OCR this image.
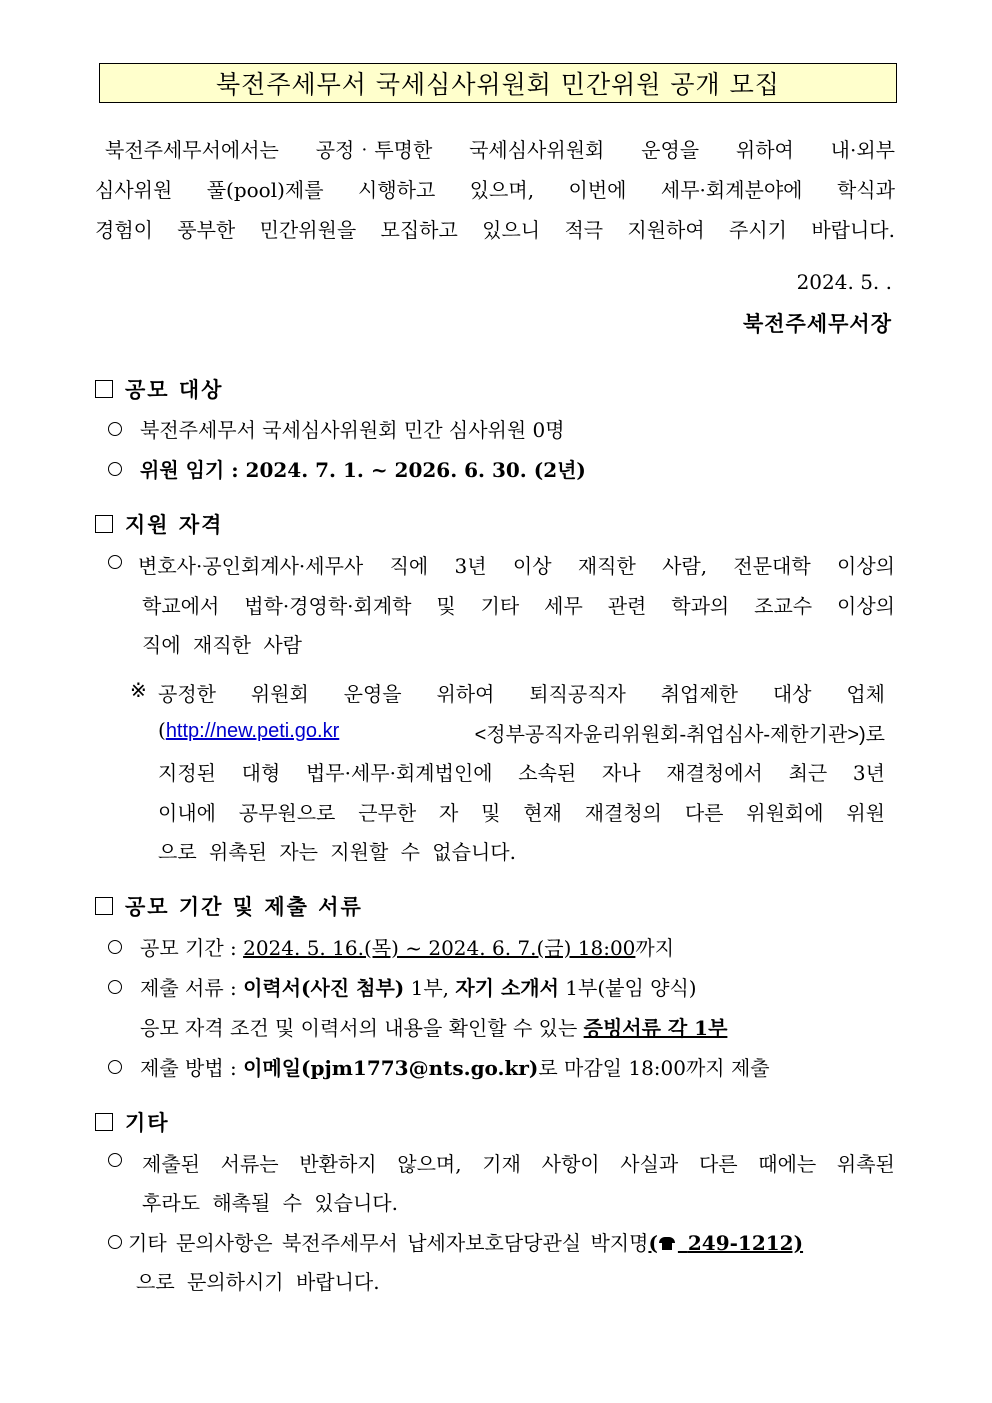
북전주세무서 국세심사위원회 민간위원 공개 모집
북전주세무서에서는 공정‧투명한 국세심사위원회 운영을 위하여 내·외부
심사위원 풀(pool)제를 시행하고 있으며, 이번에 세무·회계분야에 학식과
경험이 풍부한 민간위원을 모집하고 있으니 적극 지원하여 주시기 바랍니다.
2024. 5. .
북전주세무서장
공모 대상
북전주세무서 국세심사위원회 민간 심사위원 0명
위원 임기 : 2024. 7. 1. ~ 2026. 6. 30. (2년)
지원 자격
변호사·공인회계사·세무사 직에 3년 이상 재직한 사람, 전문대학 이상의
학교에서 법학·경영학·회계학 및 기타 세무 관련 학과의 조교수 이상의
직에 재직한 사람
※ 공정한 위원회 운영을 위하여 퇴직공직자 취업제한 대상 업체
(http://new.peti.go.kr	<정부공직자윤리위원회-취업심사-제한기관>)로
지정된 대형 법무·세무·회계법인에 소속된 자나 재결청에서 최근 3년
이내에 공무원으로 근무한 자 및 현재 재결청의 다른 위원회에 위원
으로 위촉된 자는 지원할 수 없습니다.
공모 기간 및 제출 서류
공모 기간 : 2024. 5. 16.(목) ~ 2024. 6. 7.(금) 18:00까지
제출 서류 : 이력서(사진 첨부) 1부, 자기 소개서 1부(붙임 양식)
응모 자격 조건 및 이력서의 내용을 확인할 수 있는 증빙서류 각 1부
제출 방법 : 이메일(pjm1773@nts.go.kr)로 마감일 18:00까지 제출
기타
제출된 서류는 반환하지 않으며, 기재 사항이 사실과 다른 때에는 위촉된
후라도 해촉될 수 있습니다.
기타 문의사항은 북전주세무서 납세자보호담당관실 박지명( 249-1212)
으로 문의하시기 바랍니다.
